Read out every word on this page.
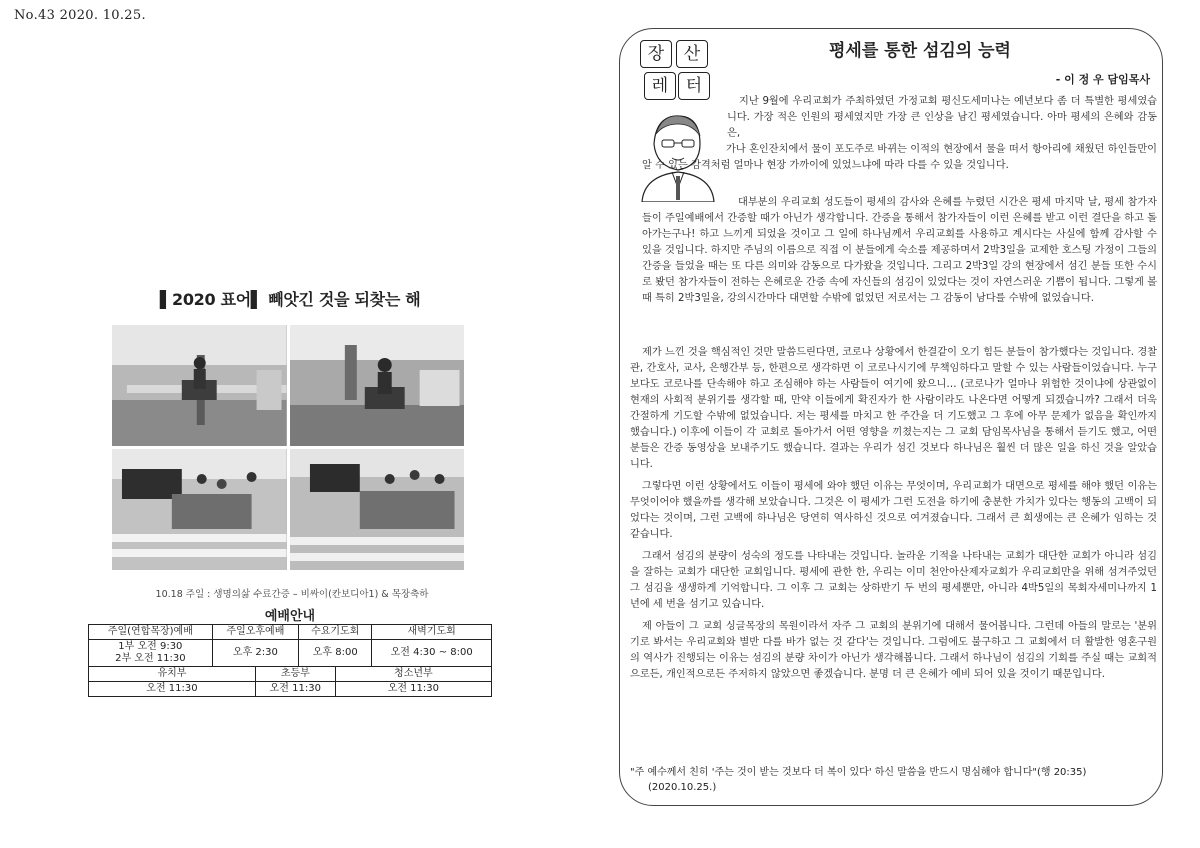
No.43 2020. 10.25.
▌2020 표어▌ 빼앗긴 것을 되찾는 해
10.18 주일 : 생명의삶 수료간증 – 비싸이(칸보디아1) & 목장축하
예배안내					
주일(연합목장)예배	주일오후예배		수요기도회		새벽기도회
1부 오전 9:30
2부 오전 11:30	오후 2:30		오후 8:00		오전 4:30 ~ 8:00
유치부		초등부		청소년부	
오전 11:30		오전 11:30		오전 11:30	
장	산
레	터
평세를 통한 섬김의 능력
- 이 정 우 담임목사

지난 9월에 우리교회가 주최하였던 가정교회 평신도세미나는 예년보다 좀 더 특별한 평세였습니다. 가장 적은 인원의 평세였지만 가장 큰 인상을 남긴 평세였습니다. 아마 평세의 은혜와 감동은,

가나 혼인잔치에서 물이 포도주로 바뀌는 이적의 현장에서 물을 떠서 항아리에 채웠던 하인들만이 알 수 있는 감격처럼 얼마나 현장 가까이에 있었느냐에 따라 다를 수 있을 것입니다.

대부분의 우리교회 성도들이 평세의 감사와 은혜를 누렸던 시간은 평세 마지막 날, 평세 참가자들이 주일예배에서 간증할 때가 아닌가 생각합니다. 간증을 통해서 참가자들이 이런 은혜를 받고 이런 결단을 하고 돌아가는구나! 하고 느끼게 되었을 것이고 그 일에 하나님께서 우리교회를 사용하고 계시다는 사실에 함께 감사할 수 있을 것입니다. 하지만 주님의 이름으로 직접 이 분들에게 숙소를 제공하며서 2박3일을 교제한 호스팅 가정이 그들의 간증을 들었을 때는 또 다른 의미와 감동으로 다가왔을 것입니다. 그리고 2박3일 강의 현장에서 섬긴 분들 또한 수시로 봤던 참가자들이 전하는 은혜로운 간증 속에 자신들의 섬김이 있었다는 것이 자연스러운 기쁨이 됩니다. 그렇게 볼 때 특히 2박3일을, 강의시간마다 대면할 수밖에 없었던 저로서는 그 감동이 남다를 수밖에 없었습니다.

제가 느낀 것을 핵심적인 것만 말씀드린다면, 코로나 상황에서 한결같이 오기 힘든 분들이 참가했다는 것입니다. 경찰관, 간호사, 교사, 은행간부 등, 한편으로 생각하면 이 코로나시기에 무책임하다고 말할 수 있는 사람들이었습니다. 누구보다도 코로나를 단속해야 하고 조심해야 하는 사람들이 여기에 왔으니… (코로나가 얼마나 위험한 것이냐에 상관없이 현재의 사회적 분위기를 생각할 때, 만약 이들에게 확진자가 한 사람이라도 나온다면 어떻게 되겠습니까? 그래서 더욱 간절하게 기도할 수밖에 없었습니다. 저는 평세를 마치고 한 주간을 더 기도했고 그 후에 아무 문제가 없음을 확인까지 했습니다.) 이후에 이들이 각 교회로 돌아가서 어떤 영향을 끼쳤는지는 그 교회 담임목사님을 통해서 듣기도 했고, 어떤 분들은 간증 동영상을 보내주기도 했습니다. 결과는 우리가 섬긴 것보다 하나님은 훨씬 더 많은 일을 하신 것을 알았습니다.

그렇다면 이런 상황에서도 이들이 평세에 와야 했던 이유는 무엇이며, 우리교회가 대면으로 평세를 해야 했던 이유는 무엇이어야 했을까를 생각해 보았습니다. 그것은 이 평세가 그런 도전을 하기에 충분한 가치가 있다는 행동의 고백이 되었다는 것이며, 그런 고백에 하나님은 당연히 역사하신 것으로 여겨졌습니다. 그래서 큰 희생에는 큰 은혜가 임하는 것 같습니다.

그래서 섬김의 분량이 성숙의 정도를 나타내는 것입니다. 놀라운 기적을 나타내는 교회가 대단한 교회가 아니라 섬김을 잘하는 교회가 대단한 교회입니다. 평세에 관한 한, 우리는 이미 천안아산제자교회가 우리교회만을 위해 섬겨주었던 그 섬김을 생생하게 기억합니다. 그 이후 그 교회는 상하반기 두 번의 평세뿐만, 아니라 4박5일의 목회자세미나까지 1년에 세 번을 섬기고 있습니다.

제 아들이 그 교회 싱글목장의 목원이라서 자주 그 교회의 분위기에 대해서 물어봅니다. 그런데 아들의 말로는 '분위기로 봐서는 우리교회와 별반 다를 바가 없는 것 같다'는 것입니다. 그럼에도 불구하고 그 교회에서 더 활발한 영혼구원의 역사가 진행되는 이유는 섬김의 분량 차이가 아닌가 생각해봅니다. 그래서 하나님이 섬김의 기회를 주실 때는 교회적으로든, 개인적으로든 주저하지 않았으면 좋겠습니다. 분명 더 큰 은혜가 예비 되어 있을 것이기 때문입니다.

"주 예수께서 친히 '주는 것이 받는 것보다 더 복이 있다' 하신 말씀을 반드시 명심해야 합니다"(행 20:35)
(2020.10.25.)
